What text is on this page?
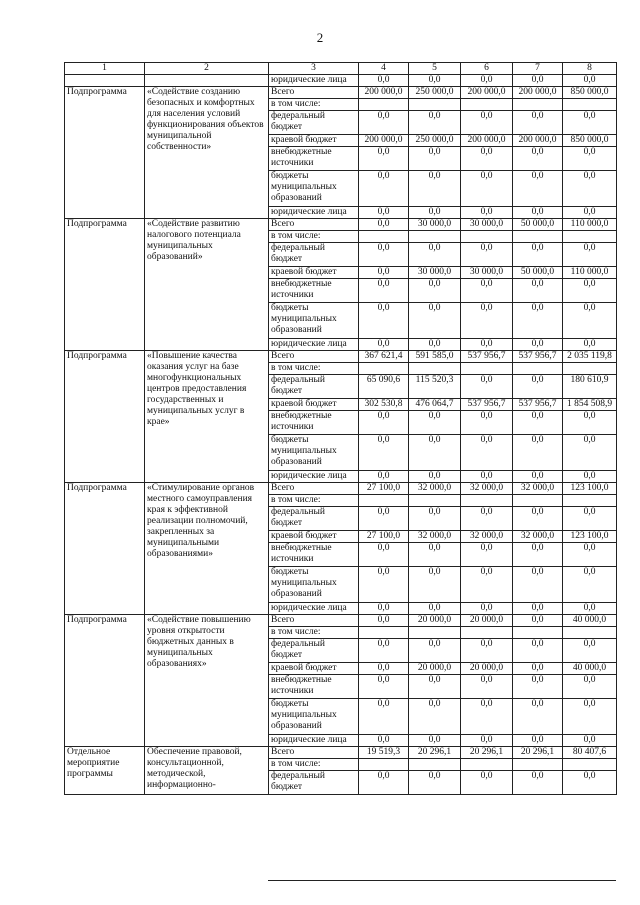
2
1	2	3	4	5	6	7	8
		юридические лица	0,0	0,0	0,0	0,0	0,0
Подпрограмма	«Содействие созданию безопасных и комфортных для населения условий функционирования объектов муниципальной собственности»	Всего	200 000,0	250 000,0	200 000,0	200 000,0	850 000,0
		в том числе:					
		федеральный бюджет	0,0	0,0	0,0	0,0	0,0
		краевой бюджет	200 000,0	250 000,0	200 000,0	200 000,0	850 000,0
		внебюджетные источники	0,0	0,0	0,0	0,0	0,0
		бюджеты муниципальных образований	0,0	0,0	0,0	0,0	0,0
		юридические лица	0,0	0,0	0,0	0,0	0,0
Подпрограмма	«Содействие развитию налогового потенциала муниципальных образований»	Всего	0,0	30 000,0	30 000,0	50 000,0	110 000,0
		в том числе:					
		федеральный бюджет	0,0	0,0	0,0	0,0	0,0
		краевой бюджет	0,0	30 000,0	30 000,0	50 000,0	110 000,0
		внебюджетные источники	0,0	0,0	0,0	0,0	0,0
		бюджеты муниципальных образований	0,0	0,0	0,0	0,0	0,0
		юридические лица	0,0	0,0	0,0	0,0	0,0
Подпрограмма	«Повышение качества оказания услуг на базе многофункциональных центров предоставления государственных и муниципальных услуг в крае»	Всего	367 621,4	591 585,0	537 956,7	537 956,7	2 035 119,8
		в том числе:					
		федеральный бюджет	65 090,6	115 520,3	0,0	0,0	180 610,9
		краевой бюджет	302 530,8	476 064,7	537 956,7	537 956,7	1 854 508,9
		внебюджетные источники	0,0	0,0	0,0	0,0	0,0
		бюджеты муниципальных образований	0,0	0,0	0,0	0,0	0,0
		юридические лица	0,0	0,0	0,0	0,0	0,0
Подпрограмма	«Стимулирование органов местного самоуправления края к эффективной реализации полномочий, закрепленных за муниципальными образованиями»	Всего	27 100,0	32 000,0	32 000,0	32 000,0	123 100,0
		в том числе:					
		федеральный бюджет	0,0	0,0	0,0	0,0	0,0
		краевой бюджет	27 100,0	32 000,0	32 000,0	32 000,0	123 100,0
		внебюджетные источники	0,0	0,0	0,0	0,0	0,0
		бюджеты муниципальных образований	0,0	0,0	0,0	0,0	0,0
		юридические лица	0,0	0,0	0,0	0,0	0,0
Подпрограмма	«Содействие повышению уровня открытости бюджетных данных в муниципальных образованиях»	Всего	0,0	20 000,0	20 000,0	0,0	40 000,0
		в том числе:					
		федеральный бюджет	0,0	0,0	0,0	0,0	0,0
		краевой бюджет	0,0	20 000,0	20 000,0	0,0	40 000,0
		внебюджетные источники	0,0	0,0	0,0	0,0	0,0
		бюджеты муниципальных образований	0,0	0,0	0,0	0,0	0,0
		юридические лица	0,0	0,0	0,0	0,0	0,0
Отдельное мероприятие программы	Обеспечение правовой, консультационной, методической, информационно-	Всего	19 519,3	20 296,1	20 296,1	20 296,1	80 407,6
		в том числе:					
		федеральный бюджет	0,0	0,0	0,0	0,0	0,0
